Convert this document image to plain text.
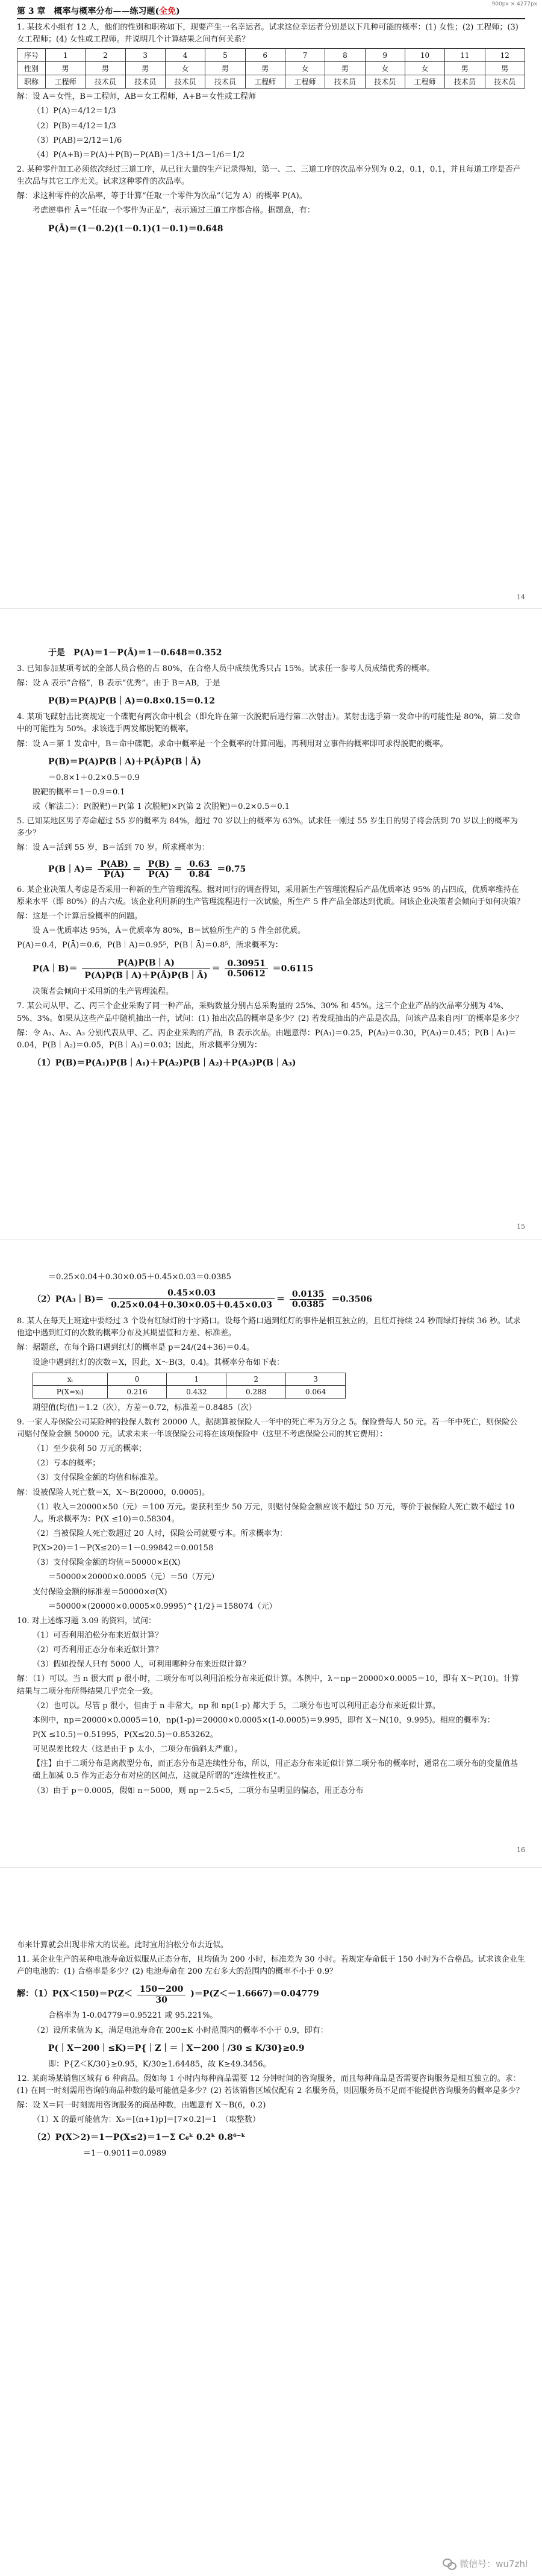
900px × 4277px
第 3 章　概率与概率分布——练习题(全免)

1. 某技术小组有 12 人，他们的性别和职称如下，现要产生一名幸运者。试求这位幸运者分别是以下几种可能的概率：(1) 女性；(2) 工程师；(3) 女工程师；(4) 女性或工程师。并说明几个计算结果之间有何关系？

序号	1	2	3	4	5	6	7	8	9	10	11	12
性别	男	男	男	女	男	男	女	男	女	女	男	男
职称	工程师	技术员	技术员	技术员	技术员	工程师	工程师	技术员	技术员	工程师	技术员	技术员

解：设 A＝女性，B＝工程师，AB＝女工程师，A+B＝女性或工程师

（1）P(A)＝4/12＝1/3

（2）P(B)＝4/12＝1/3

（3）P(AB)＝2/12＝1/6

（4）P(A+B)＝P(A)＋P(B)－P(AB)＝1/3＋1/3－1/6＝1/2

2. 某种零件加工必须依次经过三道工序，从已往大量的生产记录得知，第一、二、三道工序的次品率分别为 0.2，0.1，0.1，并且每道工序是否产生次品与其它工序无关。试求这种零件的次品率。

解：求这种零件的次品率，等于计算“任取一个零件为次品”（记为 A）的概率 P(A)。

考虑逆事件 Ā＝“任取一个零件为正品”，表示通过三道工序都合格。据题意，有：

P(Ā)＝(1－0.2)(1－0.1)(1－0.1)＝0.648
14
于是　P(A)＝1－P(Ā)＝1－0.648＝0.352

3. 已知参加某项考试的全部人员合格的占 80%，在合格人员中成绩优秀只占 15%。试求任一参考人员成绩优秀的概率。

解：设 A 表示“合格”，B 表示“优秀”。由于 B＝AB，于是

P(B)＝P(A)P(B｜A)＝0.8×0.15＝0.12

4. 某项飞碟射击比赛规定一个碟靶有两次命中机会（即允许在第一次脱靶后进行第二次射击）。某射击选手第一发命中的可能性是 80%，第二发命中的可能性为 50%。求该选手两发都脱靶的概率。

解：设 A＝第 1 发命中，B＝命中碟靶。求命中概率是一个全概率的计算问题。再利用对立事件的概率即可求得脱靶的概率。

P(B)＝P(A)P(B｜A)＋P(Ā)P(B｜Ā)

＝0.8×1＋0.2×0.5＝0.9

脱靶的概率＝1－0.9＝0.1

或（解法二）：P(脱靶)＝P(第 1 次脱靶)×P(第 2 次脱靶)＝0.2×0.5＝0.1

5. 已知某地区男子寿命超过 55 岁的概率为 84%，超过 70 岁以上的概率为 63%。试求任一刚过 55 岁生日的男子将会活到 70 岁以上的概率为多少？

解：设 A＝活到 55 岁，B＝活到 70 岁。所求概率为：

P(B｜A)＝ $\frac{P(AB)}{P(A)} = \frac{P(B)}{P(A)} = \frac{0.63}{0.84} =0.75$

6. 某企业决策人考虑是否采用一种新的生产管理流程。据对同行的调查得知，采用新生产管理流程后产品优质率达 95% 的占四成，优质率维持在原来水平（即 80%）的占六成。该企业利用新的生产管理流程进行一次试验，所生产 5 件产品全部达到优质。问该企业决策者会倾向于如何决策？

解：这是一个计算后验概率的问题。

设 A＝优质率达 95%，Ā＝优质率为 80%，B＝试验所生产的 5 件全部优质。

P(A)＝0.4，P(Ā)＝0.6，P(B｜A)＝0.95⁵，P(B｜Ā)＝0.8⁵，所求概率为：

P(A｜B)＝ $\frac{P(A)P(B|A)}{P(A)P(B|A)+P(Ā)P(B|Ā)} = \frac{0.30951}{0.50612} =0.6115$

决策者会倾向于采用新的生产管理流程。

7. 某公司从甲、乙、丙三个企业采购了同一种产品，采购数量分别占总采购量的 25%、30% 和 45%。这三个企业产品的次品率分别为 4%、5%、3%。如果从这些产品中随机抽出一件，试问：(1) 抽出次品的概率是多少？(2) 若发现抽出的产品是次品，问该产品来自丙厂的概率是多少？

解：令 A₁、A₂、A₃ 分别代表从甲、乙、丙企业采购的产品，B 表示次品。由题意得：P(A₁)＝0.25，P(A₂)＝0.30，P(A₃)＝0.45；P(B｜A₁)＝0.04，P(B｜A₂)＝0.05，P(B｜A₃)＝0.03；因此，所求概率分别为：

（1）P(B)＝P(A₁)P(B｜A₁)＋P(A₂)P(B｜A₂)＋P(A₃)P(B｜A₃)
15

＝0.25×0.04＋0.30×0.05＋0.45×0.03＝0.0385

（2）P(A₃｜B)＝ $\frac{0.45\times 0.03}{0.25\times 0.04+0.30\times 0.05+0.45\times 0.03} = \frac{0.0135}{0.0385} =0.3506$

8. 某人在每天上班途中要经过 3 个设有红绿灯的十字路口。设每个路口遇到红灯的事件是相互独立的，且红灯持续 24 秒而绿灯持续 36 秒。试求他途中遇到红灯的次数的概率分布及其期望值和方差、标准差。

解：据题意，在每个路口遇到红灯的概率是 p＝24/(24+36)＝0.4。

设途中遇到红灯的次数＝X，因此，X～B(3，0.4)。其概率分布如下表：

xᵢ	0	1	2	3
P(X=xᵢ)	0.216	0.432	0.288	0.064

期望值(均值)＝1.2（次），方差＝0.72，标准差＝0.8485（次）

9. 一家人寿保险公司某险种的投保人数有 20000 人，据测算被保险人一年中的死亡率为万分之 5。保险费每人 50 元。若一年中死亡，则保险公司赔付保险金额 50000 元。试求未来一年该保险公司将在该项保险中（这里不考虑保险公司的其它费用）：

（1）至少获利 50 万元的概率；

（2）亏本的概率；

（3）支付保险金额的均值和标准差。

解：设被保险人死亡数＝X，X～B(20000，0.0005)。

（1）收入＝20000×50（元）＝100 万元。要获利至少 50 万元，则赔付保险金额应该不超过 50 万元，等价于被保险人死亡数不超过 10 人。所求概率为：P(X ≤10)＝0.58304。

（2）当被保险人死亡数超过 20 人时，保险公司就要亏本。所求概率为：

P(X>20)＝1－P(X≤20)＝1－0.99842＝0.00158

（3）支付保险金额的均值＝50000×E(X)

＝50000×20000×0.0005（元）＝50（万元）

支付保险金额的标准差＝50000×σ(X)

＝50000×(20000×0.0005×0.9995)^{1/2}＝158074（元）

10. 对上述练习题 3.09 的资料，试问：

（1）可否利用泊松分布来近似计算？

（2）可否利用正态分布来近似计算？

（3）假如投保人只有 5000 人，可利用哪种分布来近似计算？

解：（1）可以。当 n 很大而 p 很小时，二项分布可以利用泊松分布来近似计算。本例中，λ＝np＝20000×0.0005＝10，即有 X～P(10)。计算结果与二项分布所得结果几乎完全一致。

（2）也可以。尽管 p 很小，但由于 n 非常大，np 和 np(1-p) 都大于 5，二项分布也可以利用正态分布来近似计算。

本例中，np＝20000×0.0005＝10，np(1-p)＝20000×0.0005×(1-0.0005)＝9.995，即有 X～N(10，9.995)。相应的概率为：

P(X ≤10.5)＝0.51995，P(X≤20.5)＝0.853262。

可见误差比较大（这是由于 p 太小，二项分布偏斜太严重）。

【注】由于二项分布是离散型分布，而正态分布是连续性分布，所以，用正态分布来近似计算二项分布的概率时，通常在二项分布的变量值基础上加减 0.5 作为正态分布对应的区间点，这就是所谓的“连续性校正”。

（3）由于 p＝0.0005，假如 n＝5000，则 np＝2.5<5，二项分布呈明显的偏态，用正态分布

16

布来计算就会出现非常大的误差。此时宜用泊松分布去近似。

11. 某企业生产的某种电池寿命近似服从正态分布，且均值为 200 小时，标准差为 30 小时。若规定寿命低于 150 小时为不合格品。试求该企业生产的电池的：(1) 合格率是多少？(2) 电池寿命在 200 左右多大的范围内的概率不小于 0.9？

解：$(1)P(X<150)=P(Z< \frac{150-200}{30} )=P(Z<-1.6667)=0.04779$

合格率为 1-0.04779＝0.95221 或 95.221%。

（2）设所求值为 K，满足电池寿命在 200±K 小时范围内的概率不小于 0.9，即有：

P(｜X－200｜≤K)＝P{｜Z｜＝｜X－200｜/30 ≤ K/30}≥0.9

即：P{Z＜K/30}≥0.95，K/30≥1.64485，故 K≥49.3456。

12. 某商场某销售区域有 6 种商品。假如每 1 小时内每种商品需要 12 分钟时间的咨询服务，而且每种商品是否需要咨询服务是相互独立的。求：(1) 在同一时刻需用咨询的商品种数的最可能值是多少？(2) 若该销售区域仅配有 2 名服务员，则因服务员不足而不能提供咨询服务的概率是多少？

解：设 X＝同一时刻需用咨询服务的商品种数，由题意有 X～B(6，0.2)

（1）X 的最可能值为：X₀＝[(n+1)p]＝[7×0.2]＝1　（取整数）

（2）P(X＞2)＝1－P(X≤2)＝1－Σ C₆ᵏ 0.2ᵏ 0.8⁶⁻ᵏ

＝1－0.9011＝0.0989

微信号：wu7zhl
